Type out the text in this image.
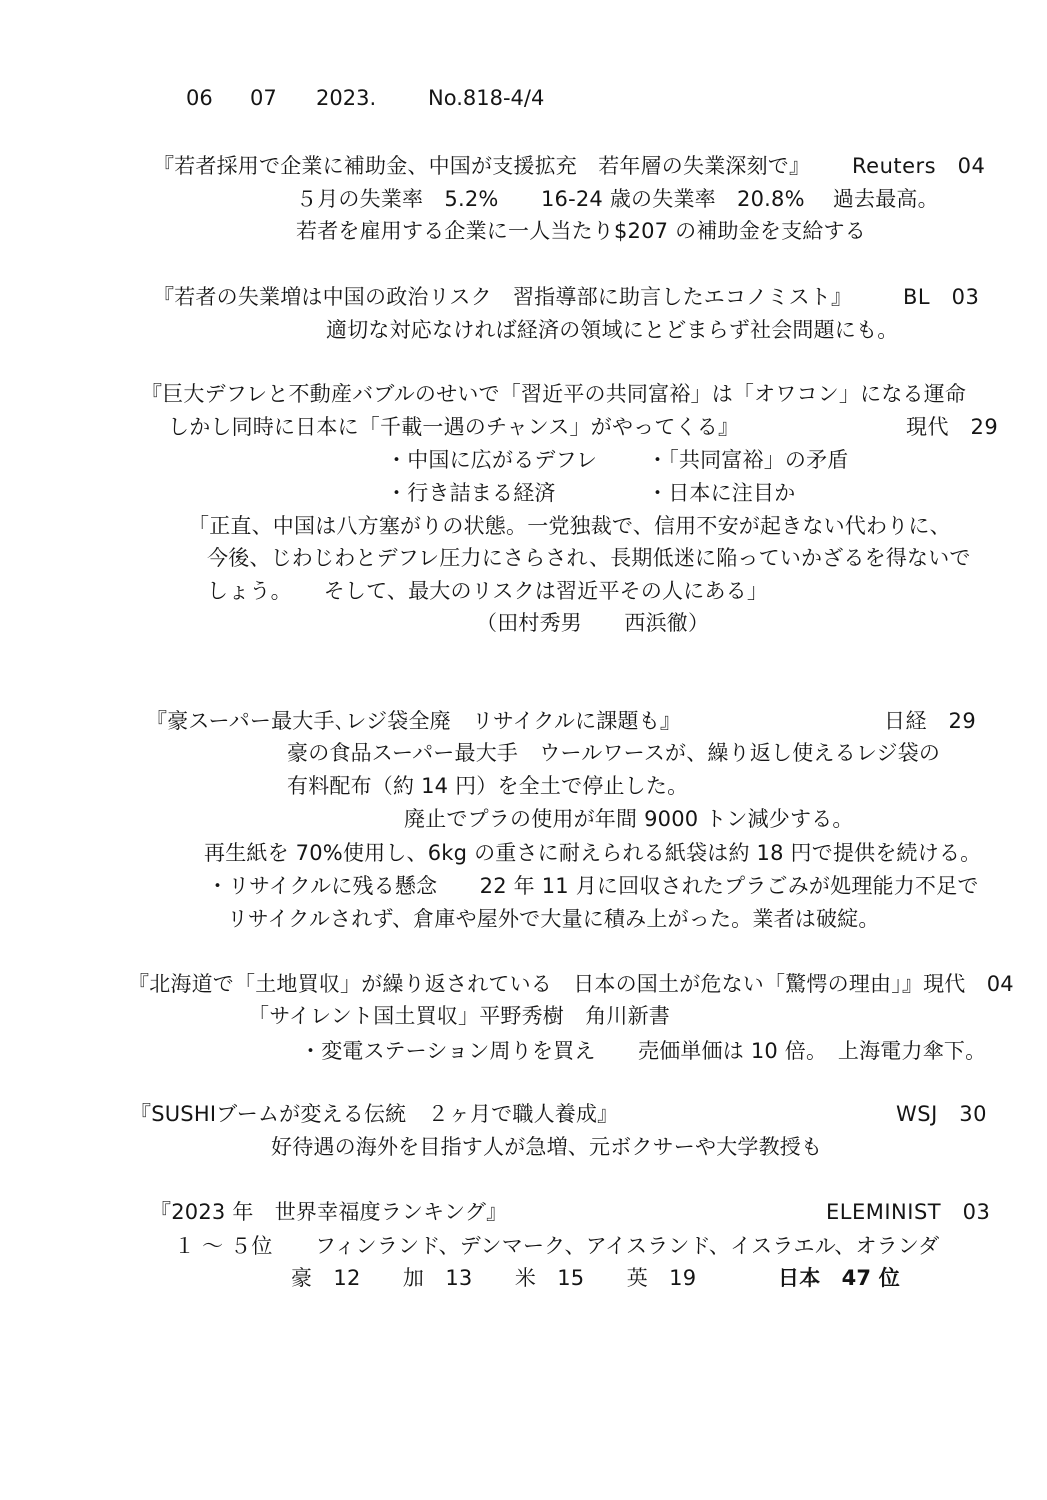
06 07 2023. No.818-4/4
『若者採用で企業に補助金、中国が支援拡充　若年層の失業深刻で』 Reuters　04
５月の失業率　5.2%　　16-24 歳の失業率　20.8%　 過去最高。
若者を雇用する企業に一人当たり$207 の補助金を支給する
『若者の失業増は中国の政治リスク　習指導部に助言したエコノミスト』 BL　03
適切な対応なければ経済の領域にとどまらず社会問題にも。
『巨大デフレと不動産バブルのせいで「習近平の共同富裕」は「オワコン」になる運命
しかし同時に日本に「千載一遇のチャンス」がやってくる』	現代　29
・中国に広がるデフレ ・「共同富裕」の矛盾
・行き詰まる経済	・日本に注目か
「正直、中国は八方塞がりの状態。一党独裁で、信用不安が起きない代わりに、
今後、じわじわとデフレ圧力にさらされ、長期低迷に陥っていかざるを得ないで
しょう。　　そして、最大のリスクは習近平その人にある」
（田村秀男　　西浜徹）
『豪スーパー最大手､レジ袋全廃　リサイクルに課題も』	日経　29
豪の食品スーパー最大手　ウールワースが、繰り返し使えるレジ袋の
有料配布（約 14 円）を全土で停止した。
廃止でプラの使用が年間 9000 トン減少する。
再生紙を 70%使用し、6kg の重さに耐えられる紙袋は約 18 円で提供を続ける。
・リサイクルに残る懸念　　22 年 11 月に回収されたプラごみが処理能力不足で
リサイクルされず、倉庫や屋外で大量に積み上がった。業者は破綻。
『北海道で「土地買収」が繰り返されている　日本の国土が危ない「驚愕の理由」』現代　04
「サイレント国土買収」平野秀樹　角川新書
・変電ステーション周りを買え　　売価単価は 10 倍。　上海電力傘下。
『SUSHIブームが変える伝統　２ヶ月で職人養成』	WSJ　30
好待遇の海外を目指す人が急増、元ボクサーや大学教授も
『2023 年　世界幸福度ランキング』	ELEMINIST　03
１ ～ ５位　　フィンランド、デンマーク、アイスランド、イスラエル、オランダ
豪　12　　加　13　　米　15　　英　19	日本　47 位
